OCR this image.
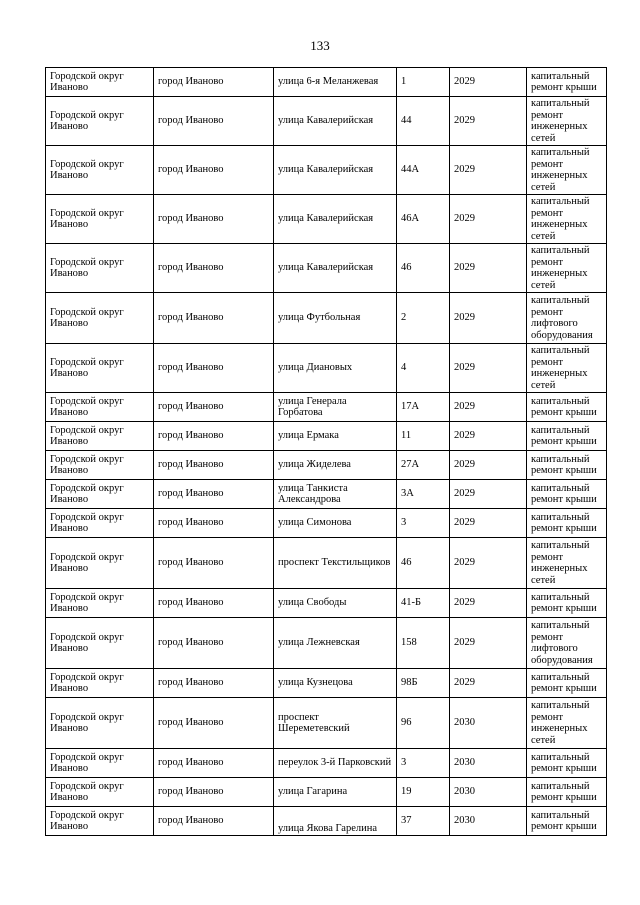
133
Городской округ Иваново	город Иваново	улица 6-я Меланжевая	1	2029	капитальный ремонт крыши
Городской округ Иваново	город Иваново	улица Кавалерийская	44	2029	капитальный ремонт инженерных сетей
Городской округ Иваново	город Иваново	улица Кавалерийская	44А	2029	капитальный ремонт инженерных сетей
Городской округ Иваново	город Иваново	улица Кавалерийская	46А	2029	капитальный ремонт инженерных сетей
Городской округ Иваново	город Иваново	улица Кавалерийская	46	2029	капитальный ремонт инженерных сетей
Городской округ Иваново	город Иваново	улица Футбольная	2	2029	капитальный ремонт лифтового оборудования
Городской округ Иваново	город Иваново	улица Диановых	4	2029	капитальный ремонт инженерных сетей
Городской округ Иваново	город Иваново	улица Генерала Горбатова	17А	2029	капитальный ремонт крыши
Городской округ Иваново	город Иваново	улица Ермака	11	2029	капитальный ремонт крыши
Городской округ Иваново	город Иваново	улица Жиделева	27А	2029	капитальный ремонт крыши
Городской округ Иваново	город Иваново	улица Танкиста Александрова	3А	2029	капитальный ремонт крыши
Городской округ Иваново	город Иваново	улица Симонова	3	2029	капитальный ремонт крыши
Городской округ Иваново	город Иваново	проспект Текстильщиков	46	2029	капитальный ремонт инженерных сетей
Городской округ Иваново	город Иваново	улица Свободы	41-Б	2029	капитальный ремонт крыши
Городской округ Иваново	город Иваново	улица Лежневская	158	2029	капитальный ремонт лифтового оборудования
Городской округ Иваново	город Иваново	улица Кузнецова	98Б	2029	капитальный ремонт крыши
Городской округ Иваново	город Иваново	проспект Шереметевский	96	2030	капитальный ремонт инженерных сетей
Городской округ Иваново	город Иваново	переулок 3-й Парковский	3	2030	капитальный ремонт крыши
Городской округ Иваново	город Иваново	улица Гагарина	19	2030	капитальный ремонт крыши
Городской округ Иваново	город Иваново	улица Якова Гарелина	37	2030	капитальный ремонт крыши
